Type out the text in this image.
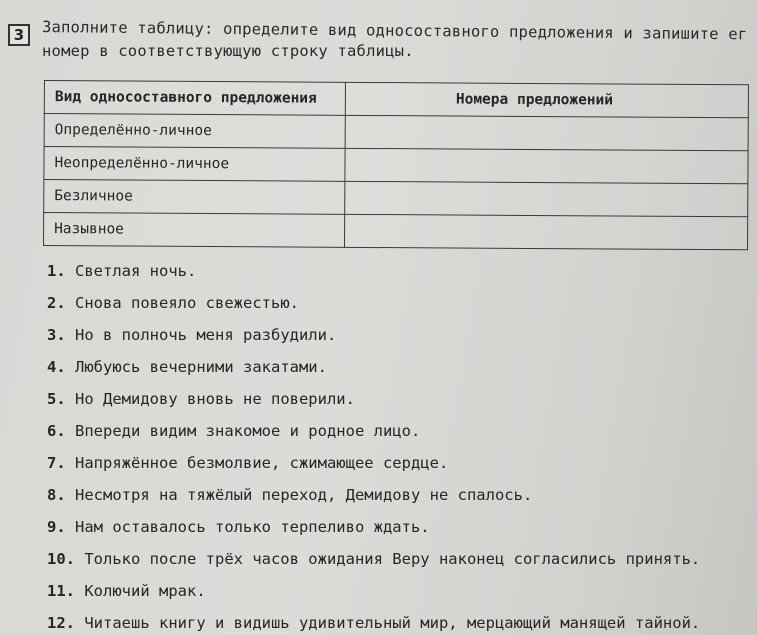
3	Заполните таблицу: определите вид односоставного предложения и запишите ег
номер в соответствующую строку таблицы.
Вид односоставного предложения	Номера предложений
Определённо-личное	
Неопределённо-личное	
Безличное	
Назывное	
1. Светлая ночь.
2. Снова повеяло свежестью.
3. Но в полночь меня разбудили.
4. Любуюсь вечерними закатами.
5. Но Демидову вновь не поверили.
6. Впереди видим знакомое и родное лицо.
7. Напряжённое безмолвие, сжимающее сердце.
8. Несмотря на тяжёлый переход, Демидову не спалось.
9. Нам оставалось только терпеливо ждать.
10. Только после трёх часов ожидания Веру наконец согласились принять.
11. Колючий мрак.
12. Читаешь книгу и видишь удивительный мир, мерцающий манящей тайной.
